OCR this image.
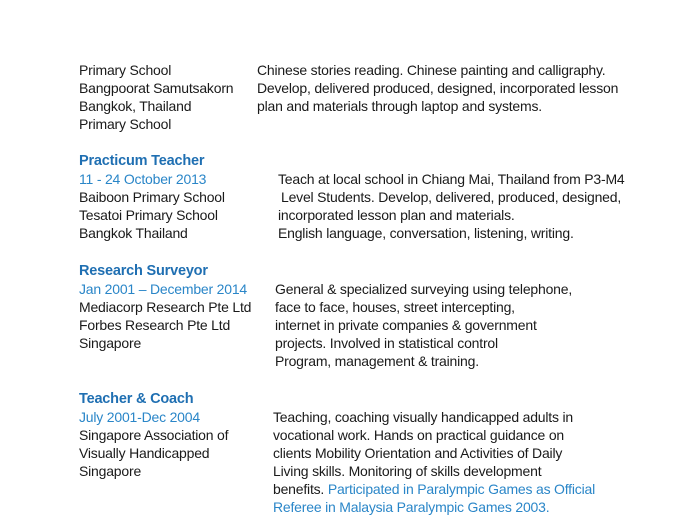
Primary School
Bangpoorat Samutsakorn
Bangkok, Thailand
Primary School
Chinese stories reading. Chinese painting and calligraphy.
Develop, delivered produced, designed, incorporated lesson
plan and materials through laptop and systems.
Practicum Teacher
11 - 24 October 2013
Baiboon Primary School
Tesatoi Primary School
Bangkok Thailand
Teach at local school in Chiang Mai, Thailand from P3-M4
Level Students. Develop, delivered, produced, designed,
incorporated lesson plan and materials.
English language, conversation, listening, writing.
Research Surveyor
Jan 2001 – December 2014
Mediacorp Research Pte Ltd
Forbes Research Pte Ltd
Singapore
General & specialized surveying using telephone,
face to face, houses, street intercepting,
internet in private companies & government
projects. Involved in statistical control
Program, management & training.
Teacher & Coach
July 2001-Dec 2004
Singapore Association of
Visually Handicapped
Singapore
Teaching, coaching visually handicapped adults in
vocational work. Hands on practical guidance on
clients Mobility Orientation and Activities of Daily
Living skills. Monitoring of skills development
benefits. Participated in Paralympic Games as Official
Referee in Malaysia Paralympic Games 2003.
